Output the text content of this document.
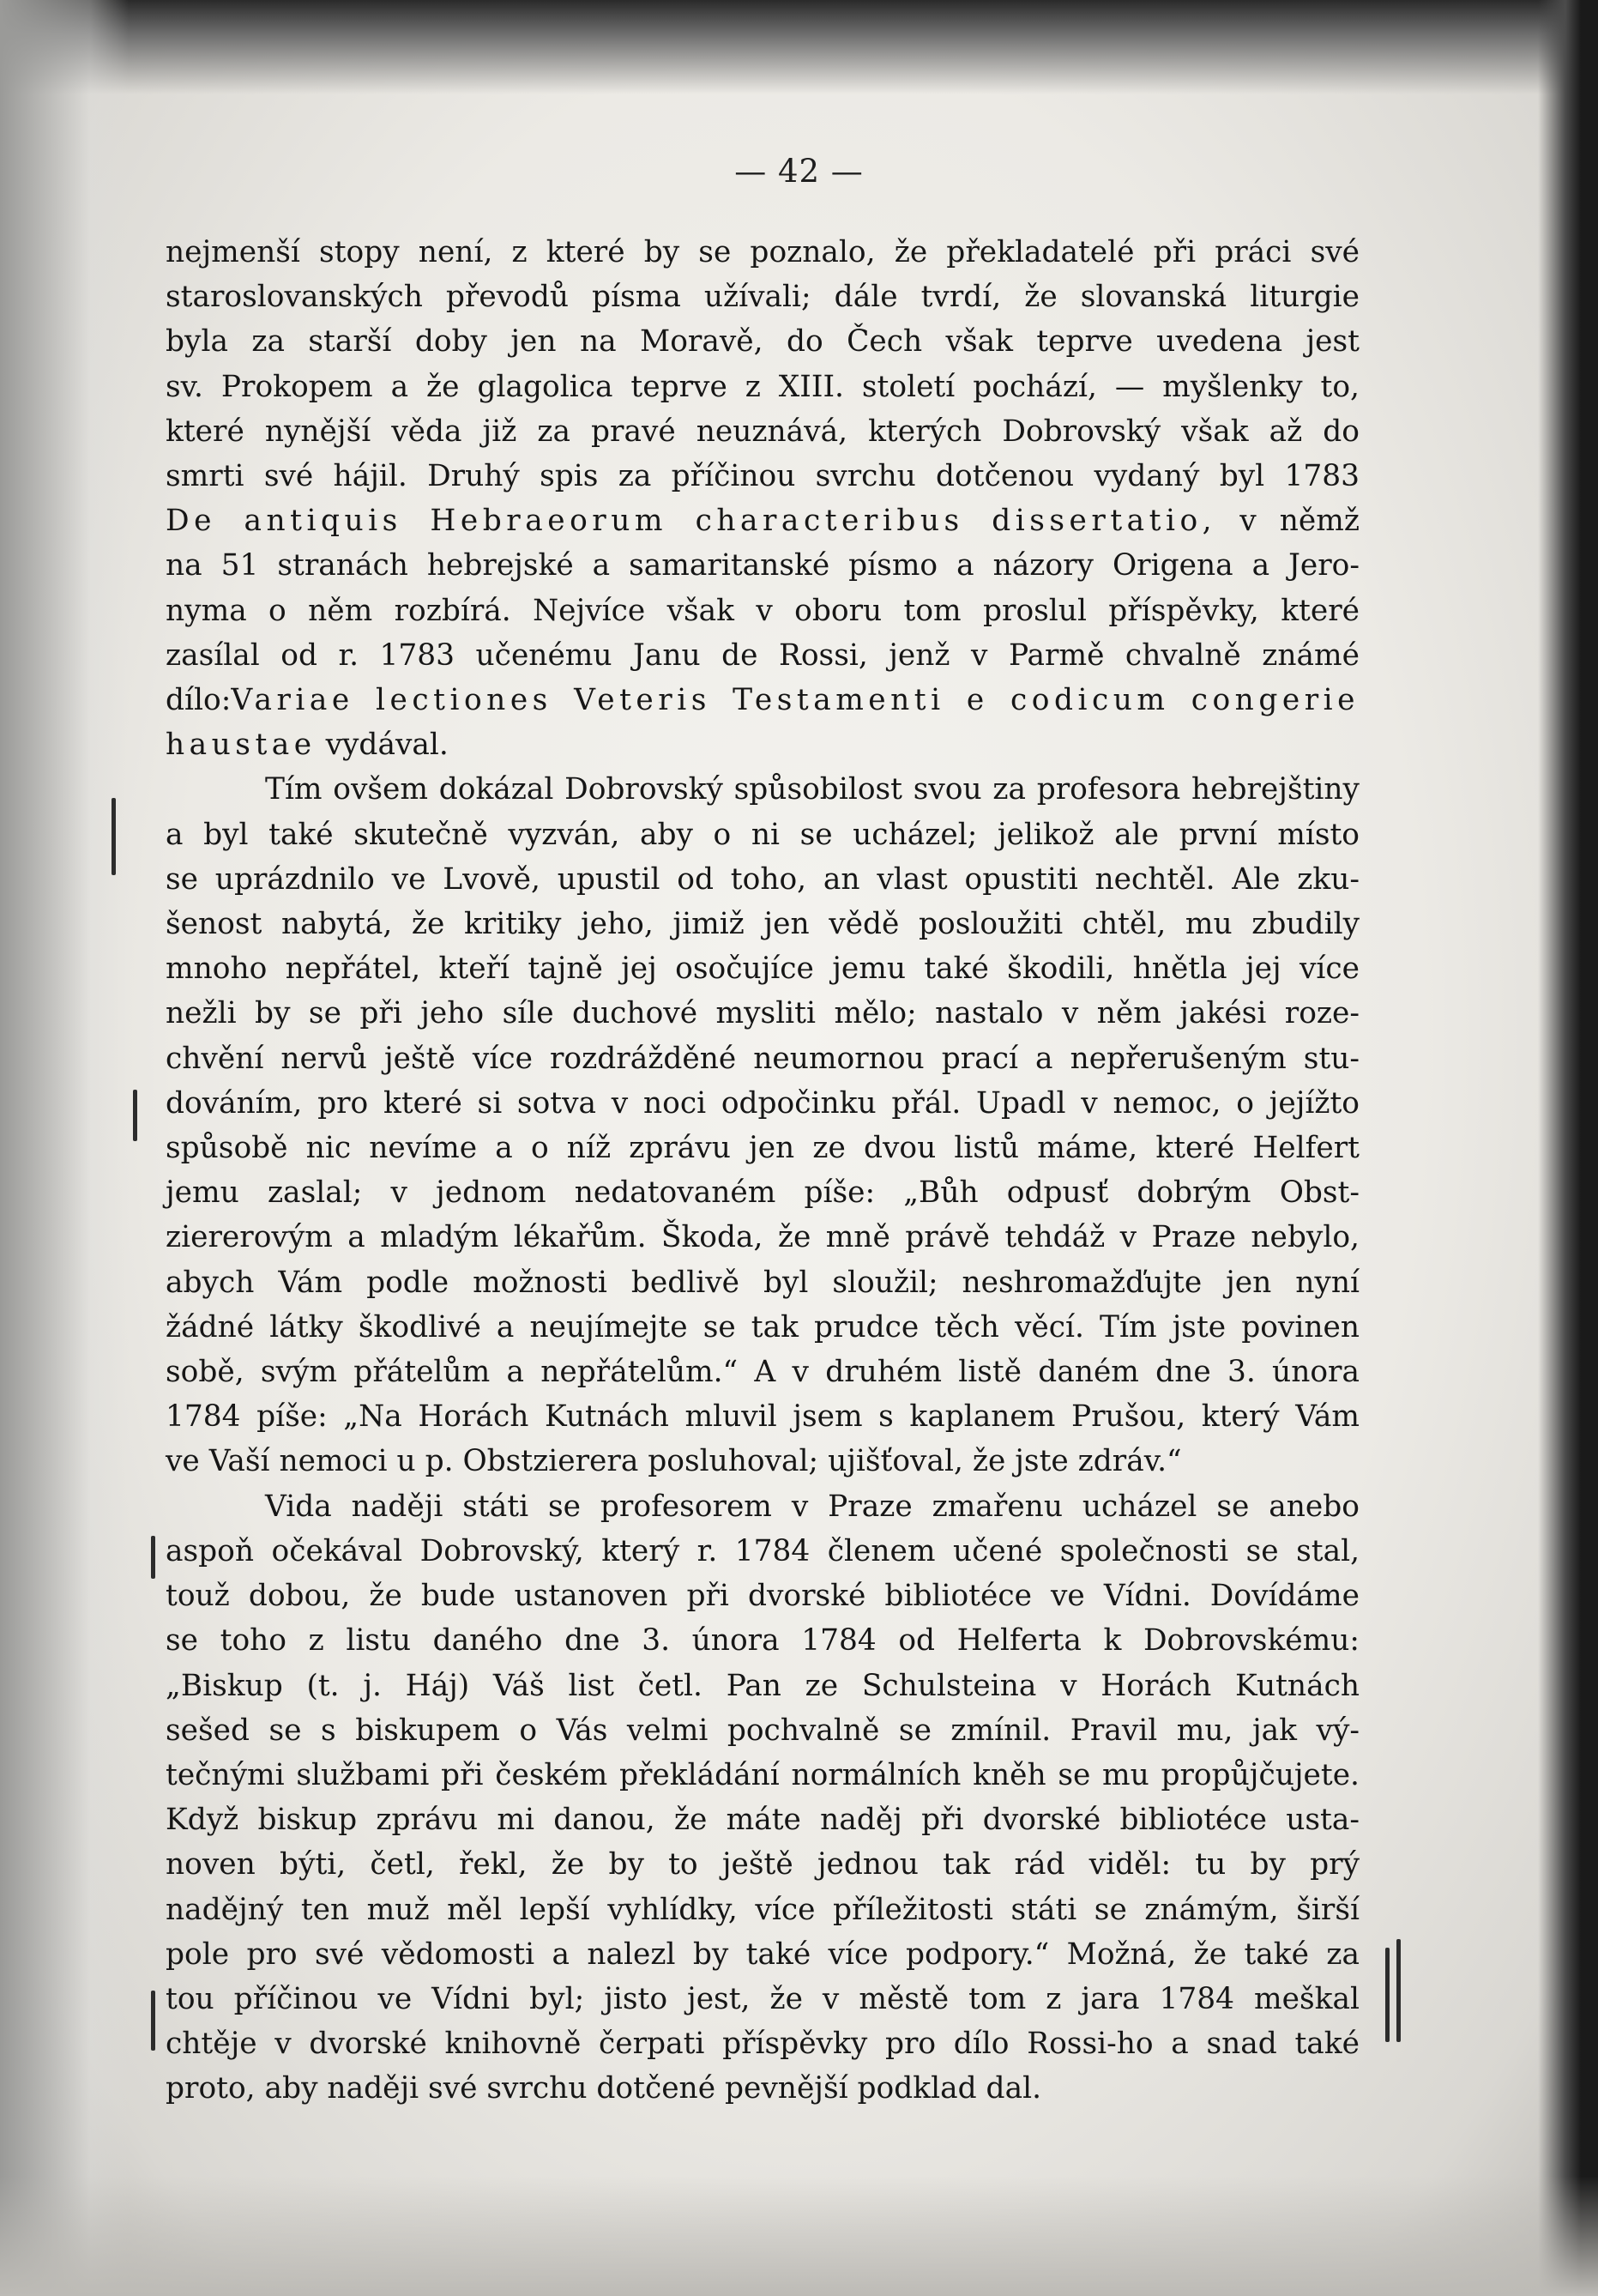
— 42 —
nejmenší stopy není, z které by se poznalo, že překladatelé při práci své
staroslovanských převodů písma užívali; dále tvrdí, že slovanská liturgie
byla za starší doby jen na Moravě, do Čech však teprve uvedena jest
sv. Prokopem a že glagolica teprve z XIII. století pochází, — myšlenky to,
které nynější věda již za pravé neuznává, kterých Dobrovský však až do
smrti své hájil. Druhý spis za příčinou svrchu dotčenou vydaný byl 1783
De antiquis Hebraeorum characteribus dissertatio, v němž
na 51 stranách hebrejské a samaritanské písmo a názory Origena a Jero-
nyma o něm rozbírá. Nejvíce však v oboru tom proslul příspěvky, které
zasílal od r. 1783 učenému Janu de Rossi, jenž v Parmě chvalně známé
dílo:Variae lectiones Veteris Testamenti e codicum congerie
haustae vydával.
Tím ovšem dokázal Dobrovský spůsobilost svou za profesora hebrejštiny
a byl také skutečně vyzván, aby o ni se ucházel; jelikož ale první místo
se uprázdnilo ve Lvově, upustil od toho, an vlast opustiti nechtěl. Ale zku-
šenost nabytá, že kritiky jeho, jimiž jen vědě posloužiti chtěl, mu zbudily
mnoho nepřátel, kteří tajně jej osočujíce jemu také škodili, hnětla jej více
nežli by se při jeho síle duchové mysliti mělo; nastalo v něm jakési roze-
chvění nervů ještě více rozdrážděné neumornou prací a nepřerušeným stu-
dováním, pro které si sotva v noci odpočinku přál. Upadl v nemoc, o jejížto
spůsobě nic nevíme a o níž zprávu jen ze dvou listů máme, které Helfert
jemu zaslal; v jednom nedatovaném píše: „Bůh odpusť dobrým Obst-
ziererovým a mladým lékařům. Škoda, že mně právě tehdáž v Praze nebylo,
abych Vám podle možnosti bedlivě byl sloužil; neshromažďujte jen nyní
žádné látky škodlivé a neujímejte se tak prudce těch věcí. Tím jste povinen
sobě, svým přátelům a nepřátelům.“ A v druhém listě daném dne 3. února
1784 píše: „Na Horách Kutnách mluvil jsem s kaplanem Prušou, který Vám
ve Vaší nemoci u p. Obstzierera posluhoval; ujišťoval, že jste zdráv.“
Vida naději státi se profesorem v Praze zmařenu ucházel se anebo
aspoň očekával Dobrovský, který r. 1784 členem učené společnosti se stal,
touž dobou, že bude ustanoven při dvorské bibliotéce ve Vídni. Dovídáme
se toho z listu daného dne 3. února 1784 od Helferta k Dobrovskému:
„Biskup (t. j. Háj) Váš list četl. Pan ze Schulsteina v Horách Kutnách
sešed se s biskupem o Vás velmi pochvalně se zmínil. Pravil mu, jak vý-
tečnými službami při českém překládání normálních kněh se mu propůjčujete.
Když biskup zprávu mi danou, že máte naděj při dvorské bibliotéce usta-
noven býti, četl, řekl, že by to ještě jednou tak rád viděl: tu by prý
nadějný ten muž měl lepší vyhlídky, více příležitosti státi se známým, širší
pole pro své vědomosti a nalezl by také více podpory.“ Možná, že také za
tou příčinou ve Vídni byl; jisto jest, že v městě tom z jara 1784 meškal
chtěje v dvorské knihovně čerpati příspěvky pro dílo Rossi-ho a snad také
proto, aby naději své svrchu dotčené pevnější podklad dal.
